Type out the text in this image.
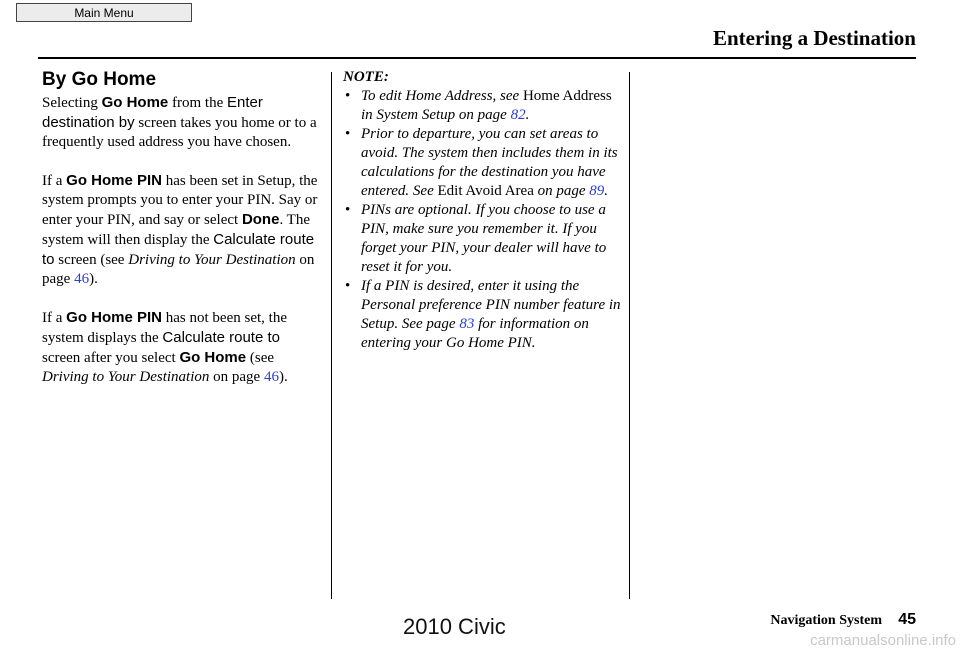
Main Menu
Entering a Destination
By Go Home

Selecting Go Home from the Enter destination by screen takes you home or to a frequently used address you have chosen.

If a Go Home PIN has been set in Setup, the system prompts you to enter your PIN. Say or enter your PIN, and say or select Done. The system will then display the Calculate route to screen (see Driving to Your Destination on page 46).

If a Go Home PIN has not been set, the system displays the Calculate route to screen after you select Go Home (see Driving to Your Destination on page 46).

NOTE:
• To edit Home Address, see Home Address in System Setup on page 82.
• Prior to departure, you can set areas to avoid. The system then includes them in its calculations for the destination you have entered. See Edit Avoid Area on page 89.
• PINs are optional. If you choose to use a PIN, make sure you remember it. If you forget your PIN, your dealer will have to reset it for you.
• If a PIN is desired, enter it using the Personal preference PIN number feature in Setup. See page 83 for information on entering your Go Home PIN.
Navigation System 45
2010 Civic
carmanualsonline.info
